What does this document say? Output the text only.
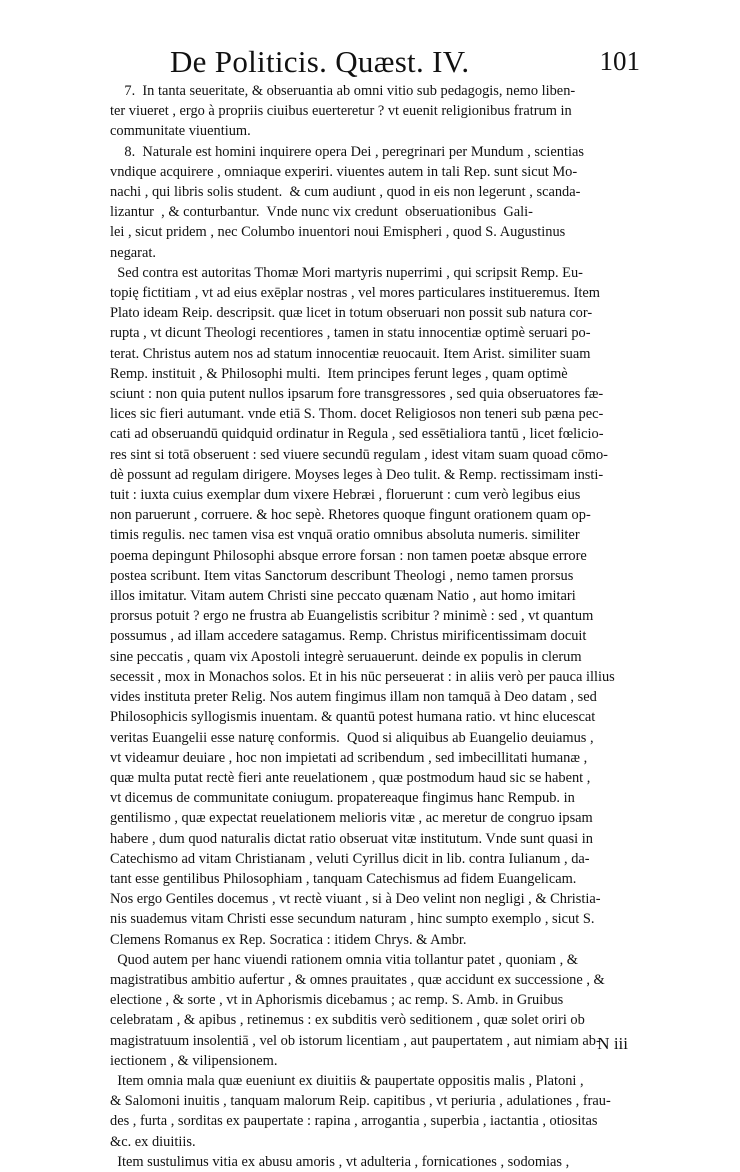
De Politicis. Quæst. IV.	101
7.  In tanta seueritate, & obseruantia ab omni vitio sub pedagogis, nemo liben-
ter viueret , ergo à propriis ciuibus euerteretur ? vt euenit religionibus fratrum in
communitate viuentium.
8.  Naturale est homini inquirere opera Dei , peregrinari per Mundum , scientias
vndique acquirere , omniaque experiri. viuentes autem in tali Rep. sunt sicut Mo-
nachi , qui libris solis student.  & cum audiunt , quod in eis non legerunt , scanda-
lizantur  , & conturbantur.  Vnde nunc vix credunt  obseruationibus  Gali-
lei , sicut pridem , nec Columbo inuentori noui Emispheri , quod S. Augustinus
negarat.
Sed contra est autoritas Thomæ Mori martyris nuperrimi , qui scripsit Remp. Eu-
topię fictitiam , vt ad eius exēplar nostras , vel mores particulares institueremus. Item
Plato ideam Reip. descripsit. quæ licet in totum obseruari non possit sub natura cor-
rupta , vt dicunt Theologi recentiores , tamen in statu innocentiæ optimè seruari po-
terat. Christus autem nos ad statum innocentiæ reuocauit. Item Arist. similiter suam
Remp. instituit , & Philosophi multi.  Item principes ferunt leges , quam optimè
sciunt : non quia putent nullos ipsarum fore transgressores , sed quia obseruatores fæ-
lices sic fieri autumant. vnde etiā S. Thom. docet Religiosos non teneri sub pæna pec-
cati ad obseruandū quidquid ordinatur in Regula , sed essētialiora tantū , licet fœlicio-
res sint si totā obseruent : sed viuere secundū regulam , idest vitam suam quoad cōmo-
dè possunt ad regulam dirigere. Moyses leges à Deo tulit. & Remp. rectissimam insti-
tuit : iuxta cuius exemplar dum vixere Hebræi , floruerunt : cum verò legibus eius
non paruerunt , corruere. & hoc sepè. Rhetores quoque fingunt orationem quam op-
timis regulis. nec tamen visa est vnquā oratio omnibus absoluta numeris. similiter
poema depingunt Philosophi absque errore forsan : non tamen poetæ absque errore
postea scribunt. Item vitas Sanctorum describunt Theologi , nemo tamen prorsus
illos imitatur. Vitam autem Christi sine peccato quænam Natio , aut homo imitari
prorsus potuit ? ergo ne frustra ab Euangelistis scribitur ? minimè : sed , vt quantum
possumus , ad illam accedere satagamus. Remp. Christus mirificentissimam docuit
sine peccatis , quam vix Apostoli integrè seruauerunt. deinde ex populis in clerum
secessit , mox in Monachos solos. Et in his nūc perseuerat : in aliis verò per pauca illius
vides instituta preter Relig. Nos autem fingimus illam non tamquā à Deo datam , sed
Philosophicis syllogismis inuentam. & quantū potest humana ratio. vt hinc elucescat
veritas Euangelii esse naturę conformis.  Quod si aliquibus ab Euangelio deuiamus ,
vt videamur deuiare , hoc non impietati ad scribendum , sed imbecillitati humanæ ,
quæ multa putat rectè fieri ante reuelationem , quæ postmodum haud sic se habent ,
vt dicemus de communitate coniugum. propatereaque fingimus hanc Rempub. in
gentilismo , quæ expectat reuelationem melioris vitæ , ac meretur de congruo ipsam
habere , dum quod naturalis dictat ratio obseruat vitæ institutum. Vnde sunt quasi in
Catechismo ad vitam Christianam , veluti Cyrillus dicit in lib. contra Iulianum , da-
tant esse gentilibus Philosophiam , tanquam Catechismus ad fidem Euangelicam.
Nos ergo Gentiles docemus , vt rectè viuant , si à Deo velint non negligi , & Christia-
nis suademus vitam Christi esse secundum naturam , hinc sumpto exemplo , sicut S.
Clemens Romanus ex Rep. Socratica : itidem Chrys. & Ambr.
Quod autem per hanc viuendi rationem omnia vitia tollantur patet , quoniam , &
magistratibus ambitio aufertur , & omnes prauitates , quæ accidunt ex successione , &
electione , & sorte , vt in Aphorismis dicebamus ; ac remp. S. Amb. in Gruibus
celebratam , & apibus , retinemus : ex subditis verò seditionem , quæ solet oriri ob
magistratuum insolentiā , vel ob istorum licentiam , aut paupertatem , aut nimiam ab-
iectionem , & vilipensionem.
Item omnia mala quæ eueniunt ex diuitiis & paupertate oppositis malis , Platoni ,
& Salomoni inuitis , tanquam malorum Reip. capitibus , vt periuria , adulationes , frau-
des , furta , sorditas ex paupertate : rapina , arrogantia , superbia , iactantia , otiositas
&c. ex diuitiis.
Item sustulimus vitia ex abusu amoris , vt adulteria , fornicationes , sodomias ,
N iii
